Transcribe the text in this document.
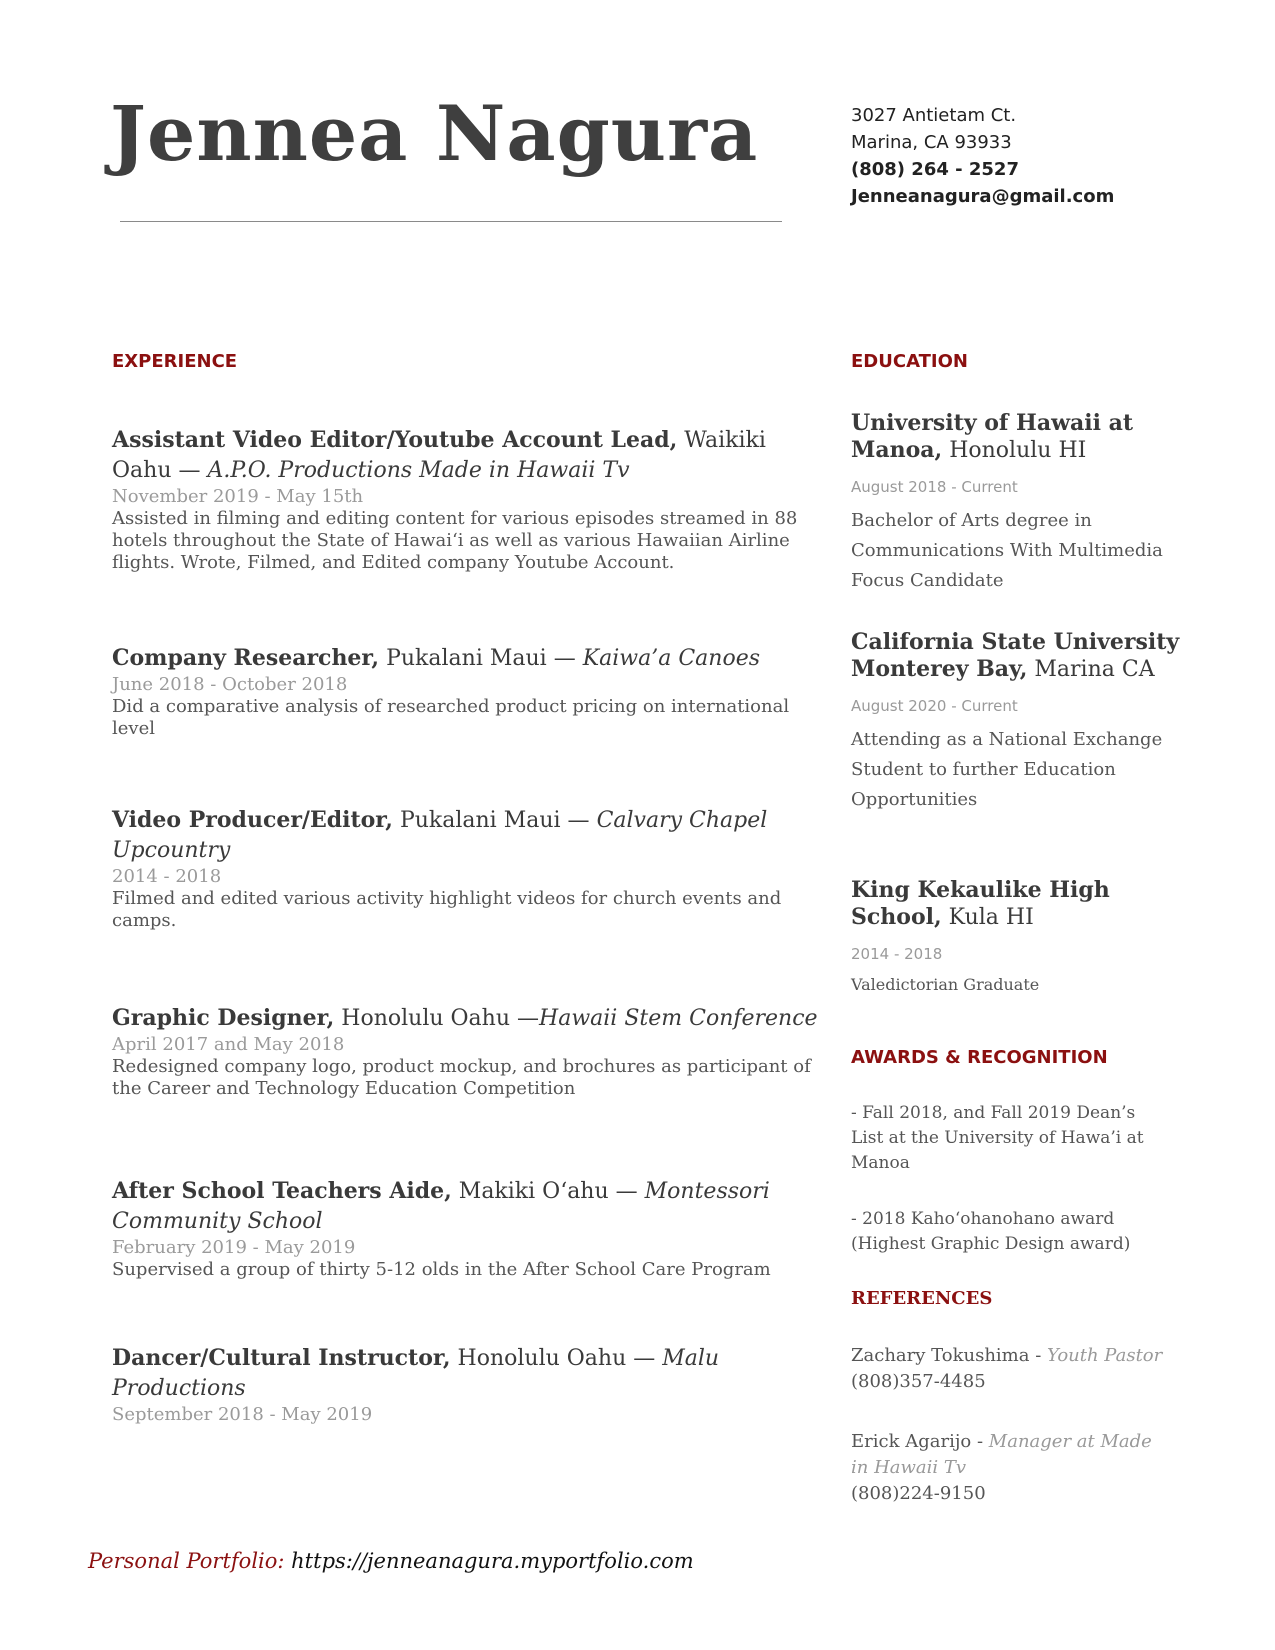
Jennea Nagura	3027 Antietam Ct.
Marina, CA 93933
(808) 264 - 2527
Jenneanagura@gmail.com
EXPERIENCE
Assistant Video Editor/Youtube Account Lead, Waikiki Oahu — A.P.O. Productions Made in Hawaii Tv
November 2019 - May 15th
Assisted in filming and editing content for various episodes streamed in 88 hotels throughout the State of Hawaiʻi as well as various Hawaiian Airline flights. Wrote, Filmed, and Edited company Youtube Account.
Company Researcher, Pukalani Maui — Kaiwa’a Canoes
June 2018 - October 2018
Did a comparative analysis of researched product pricing on international level
Video Producer/Editor, Pukalani Maui — Calvary Chapel Upcountry
2014 - 2018
Filmed and edited various activity highlight videos for church events and camps.
Graphic Designer, Honolulu Oahu —Hawaii Stem Conference
April 2017 and May 2018
Redesigned company logo, product mockup, and brochures as participant of the Career and Technology Education Competition
After School Teachers Aide, Makiki Oʻahu — Montessori Community School
February 2019 - May 2019
Supervised a group of thirty 5-12 olds in the After School Care Program
Dancer/Cultural Instructor, Honolulu Oahu — Malu Productions
September 2018 - May 2019
EDUCATION
University of Hawaii at Manoa, Honolulu HI
August 2018 - Current
Bachelor of Arts degree in Communications With Multimedia Focus Candidate
California State University Monterey Bay, Marina CA
August 2020 - Current
Attending as a National Exchange Student to further Education Opportunities
King Kekaulike High School, Kula HI
2014 - 2018
Valedictorian Graduate
AWARDS & RECOGNITION
- Fall 2018, and Fall 2019 Dean’s List at the University of Hawa’i at Manoa
- 2018 Kahoʻohanohano award (Highest Graphic Design award)
REFERENCES
Zachary Tokushima - Youth Pastor (808)357-4485
Erick Agarijo - Manager at Made in Hawaii Tv
(808)224-9150
Personal Portfolio: https://jenneanagura.myportfolio.com
